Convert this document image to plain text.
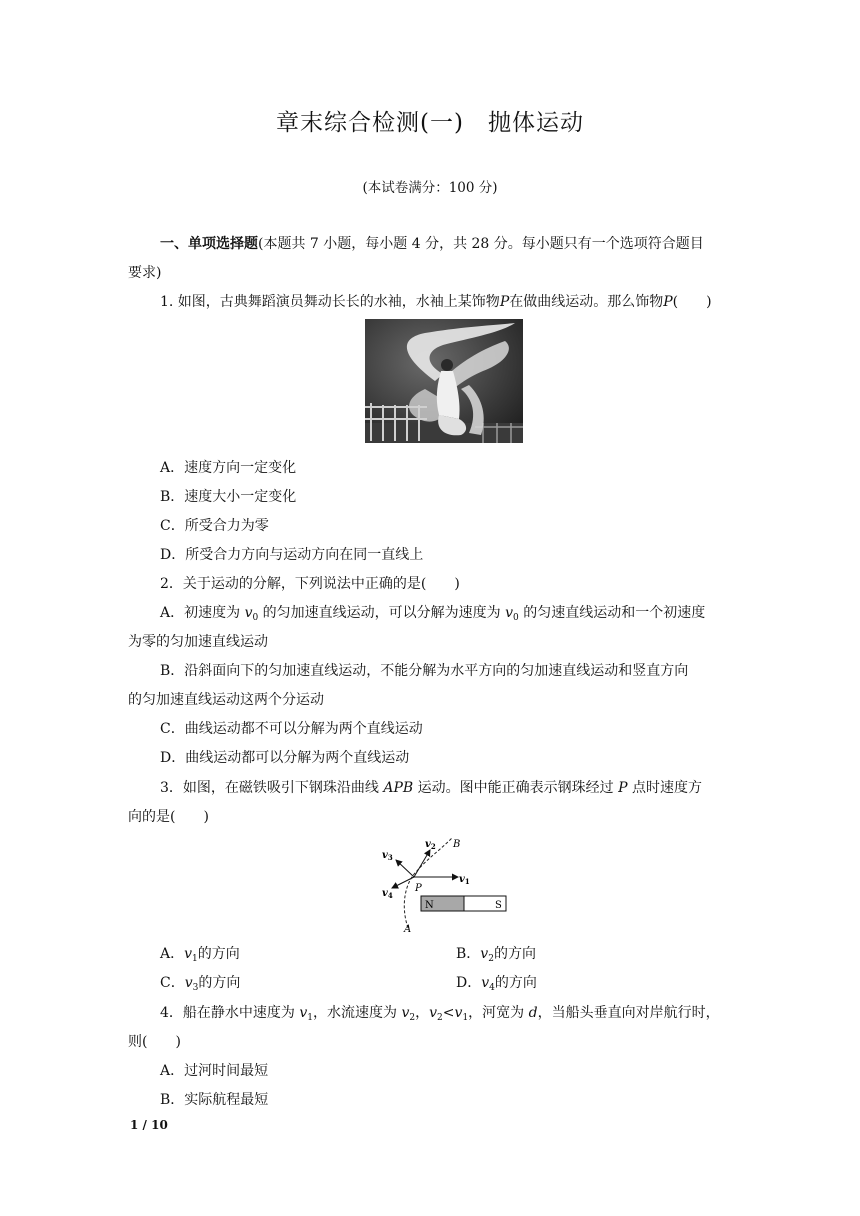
章末综合检测(一)　抛体运动
(本试卷满分：100 分)
一、单项选择题(本题共 7 小题，每小题 4 分，共 28 分。每小题只有一个选项符合题目
要求)
1. 如图，古典舞蹈演员舞动长长的水袖，水袖上某饰物P在做曲线运动。那么饰物P(　　)
A．速度方向一定变化
B．速度大小一定变化
C．所受合力为零
D．所受合力方向与运动方向在同一直线上
2．关于运动的分解，下列说法中正确的是(　　)
A．初速度为 $v_0$ 的匀加速直线运动，可以分解为速度为 $v_0$ 的匀速直线运动和一个初速度
为零的匀加速直线运动
B．沿斜面向下的匀加速直线运动，不能分解为水平方向的匀加速直线运动和竖直方向
的匀加速直线运动这两个分运动
C．曲线运动都不可以分解为两个直线运动
D．曲线运动都可以分解为两个直线运动
3．如图，在磁铁吸引下钢珠沿曲线 APB 运动。图中能正确表示钢珠经过 P 点时速度方
向的是(　　)
$v_1$
$v_2$
$v_3$
$v_4$
P
B
A
N	S
A．$v_1$的方向	B．$v_2$的方向
C．$v_3$的方向	D．$v_4$的方向
4．船在静水中速度为 $v_1$，水流速度为 $v_2$，$v_2<v_1$，河宽为 d，当船头垂直向对岸航行时，
则(　　)
A．过河时间最短
B．实际航程最短
1 / 10
